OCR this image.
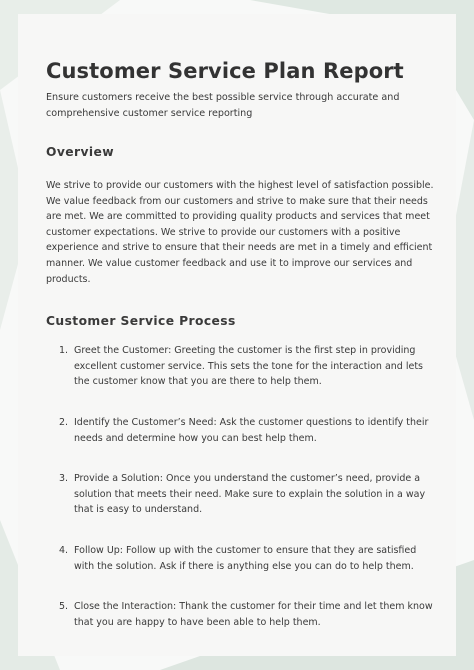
Customer Service Plan Report

Ensure customers receive the best possible service through accurate and comprehensive customer service reporting

Overview

We strive to provide our customers with the highest level of satisfaction possible. We value feedback from our customers and strive to make sure that their needs are met. We are committed to providing quality products and services that meet customer expectations. We strive to provide our customers with a positive experience and strive to ensure that their needs are met in a timely and efficient manner. We value customer feedback and use it to improve our services and products.

Customer Service Process
1. Greet the Customer: Greeting the customer is the first step in providing excellent customer service. This sets the tone for the interaction and lets the customer know that you are there to help them.
2. Identify the Customer’s Need: Ask the customer questions to identify their needs and determine how you can best help them.
3. Provide a Solution: Once you understand the customer’s need, provide a solution that meets their need. Make sure to explain the solution in a way that is easy to understand.
4. Follow Up: Follow up with the customer to ensure that they are satisfied with the solution. Ask if there is anything else you can do to help them.
5. Close the Interaction: Thank the customer for their time and let them know that you are happy to have been able to help them.
